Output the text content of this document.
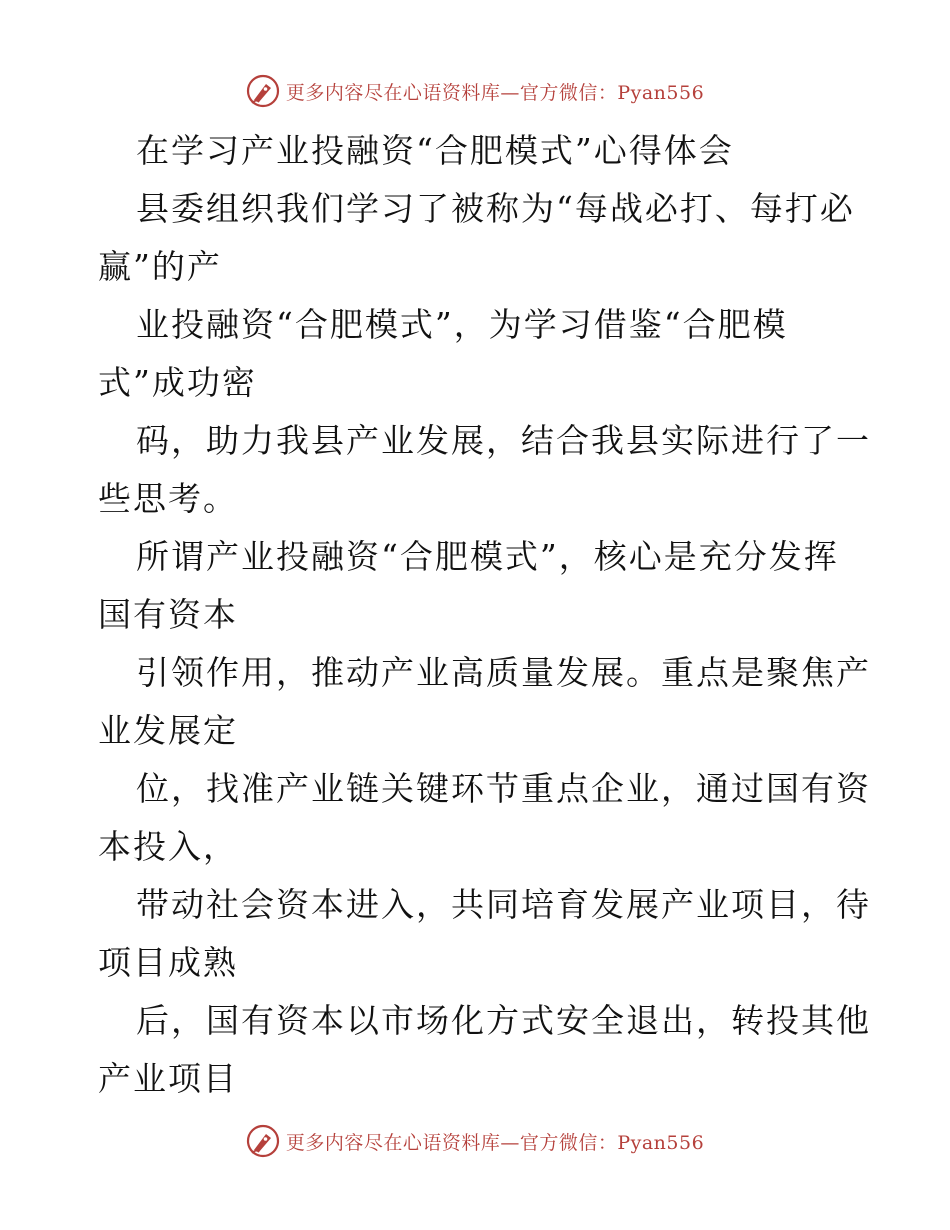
更多内容尽在心语资料库—官方微信：Pyan556
在学习产业投融资“合肥模式”心得体会
县委组织我们学习了被称为“每战必打、每打必
赢”的产
业投融资“合肥模式”，为学习借鉴“合肥模
式”成功密
码，助力我县产业发展，结合我县实际进行了一
些思考。
所谓产业投融资“合肥模式”，核心是充分发挥
国有资本
引领作用，推动产业高质量发展。重点是聚焦产
业发展定
位，找准产业链关键环节重点企业，通过国有资
本投入，
带动社会资本进入，共同培育发展产业项目，待
项目成熟
后，国有资本以市场化方式安全退出，转投其他
产业项目
更多内容尽在心语资料库—官方微信：Pyan556
